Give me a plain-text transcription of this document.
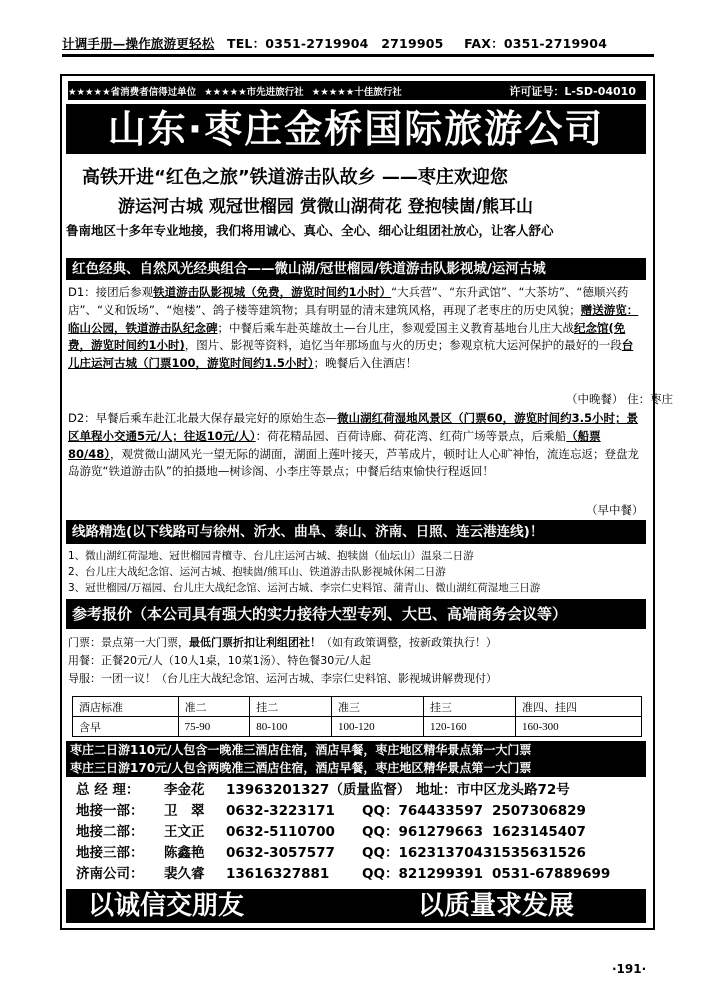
计调手册—操作旅游更轻松 TEL：0351-2719904　2719905 FAX：0351-2719904
★★★★★省消费者信得过单位 ★★★★★市先进旅行社 ★★★★★十佳旅行社	许可证号：L-SD-04010
山东·枣庄金桥国际旅游公司
高铁开进“红色之旅”铁道游击队故乡 ——枣庄欢迎您
游运河古城 观冠世榴园 赏微山湖荷花 登抱犊崮/熊耳山
鲁南地区十多年专业地接，我们将用诚心、真心、全心、细心让组团社放心，让客人舒心
红色经典、自然风光经典组合——微山湖/冠世榴园/铁道游击队影视城/运河古城
D1：接团后参观铁道游击队影视城（免费，游览时间约1小时）“大兵营”、“东升武馆”、“大茶坊”、“德顺兴药店”、“义和饭场”、“炮楼”、鸽子楼等建筑物；具有明显的清末建筑风格，再现了老枣庄的历史风貌；赠送游览：临山公园，铁道游击队纪念碑；中餐后乘车赴英雄故土—台儿庄，参观爱国主义教育基地台儿庄大战纪念馆(免费，游览时间约1小时)，图片、影视等资料，追忆当年那场血与火的历史；参观京杭大运河保护的最好的一段台儿庄运河古城（门票100，游览时间约1.5小时）；晚餐后入住酒店！
（中晚餐） 住：枣庄
D2：早餐后乘车赴江北最大保存最完好的原始生态—微山湖红荷湿地风景区（门票60，游览时间约3.5小时；景区单程小交通5元/人；往返10元/人）：荷花精品园、百荷诗廊、荷花湾、红荷广场等景点，后乘船（船票80/48），观赏微山湖风光一望无际的湖面，湖面上莲叶接天，芦苇成片，顿时让人心旷神怡，流连忘返；登盘龙岛游览“铁道游击队”的拍摄地—树诊阁、小李庄等景点；中餐后结束愉快行程返回！
（早中餐）
线路精选(以下线路可与徐州、沂水、曲阜、泰山、济南、日照、连云港连线)！
1、微山湖红荷湿地、冠世榴园青檀寺、台儿庄运河古城、抱犊崮（仙坛山）温泉二日游
2、台儿庄大战纪念馆、运河古城、抱犊崮/熊耳山、铁道游击队影视城休闲二日游
3、冠世榴园/万福园、台儿庄大战纪念馆、运河古城、李宗仁史料馆、蒲青山、微山湖红荷湿地三日游
参考报价（本公司具有强大的实力接待大型专列、大巴、高端商务会议等）
门票：景点第一大门票，最低门票折扣让利组团社！（如有政策调整，按新政策执行！）
用餐：正餐20元/人（10人1桌，10菜1汤）、特色餐30元/人起
导服：一团一议！（台儿庄大战纪念馆、运河古城、李宗仁史料馆、影视城讲解费现付）
酒店标准	准二	挂二	准三	挂三	准四、挂四
含早	75-90	80-100	100-120	120-160	160-300
枣庄二日游110元/人包含一晚准三酒店住宿，酒店早餐，枣庄地区精华景点第一大门票
枣庄三日游170元/人包含两晚准三酒店住宿，酒店早餐，枣庄地区精华景点第一大门票
总 经 理： 李金花 13963201327（质量监督） 地址：市中区龙头路72号
地接一部： 卫　翠 0632-3223171 QQ：764433597 2507306829
地接二部： 王文正 0632-5110700 QQ：961279663 1623145407
地接三部： 陈鑫艳 0632-3057577 QQ：16231370431535631526
济南公司： 裴久睿 13616327881 QQ：821299391 0531-67889699
以诚信交朋友	以质量求发展
·191·
